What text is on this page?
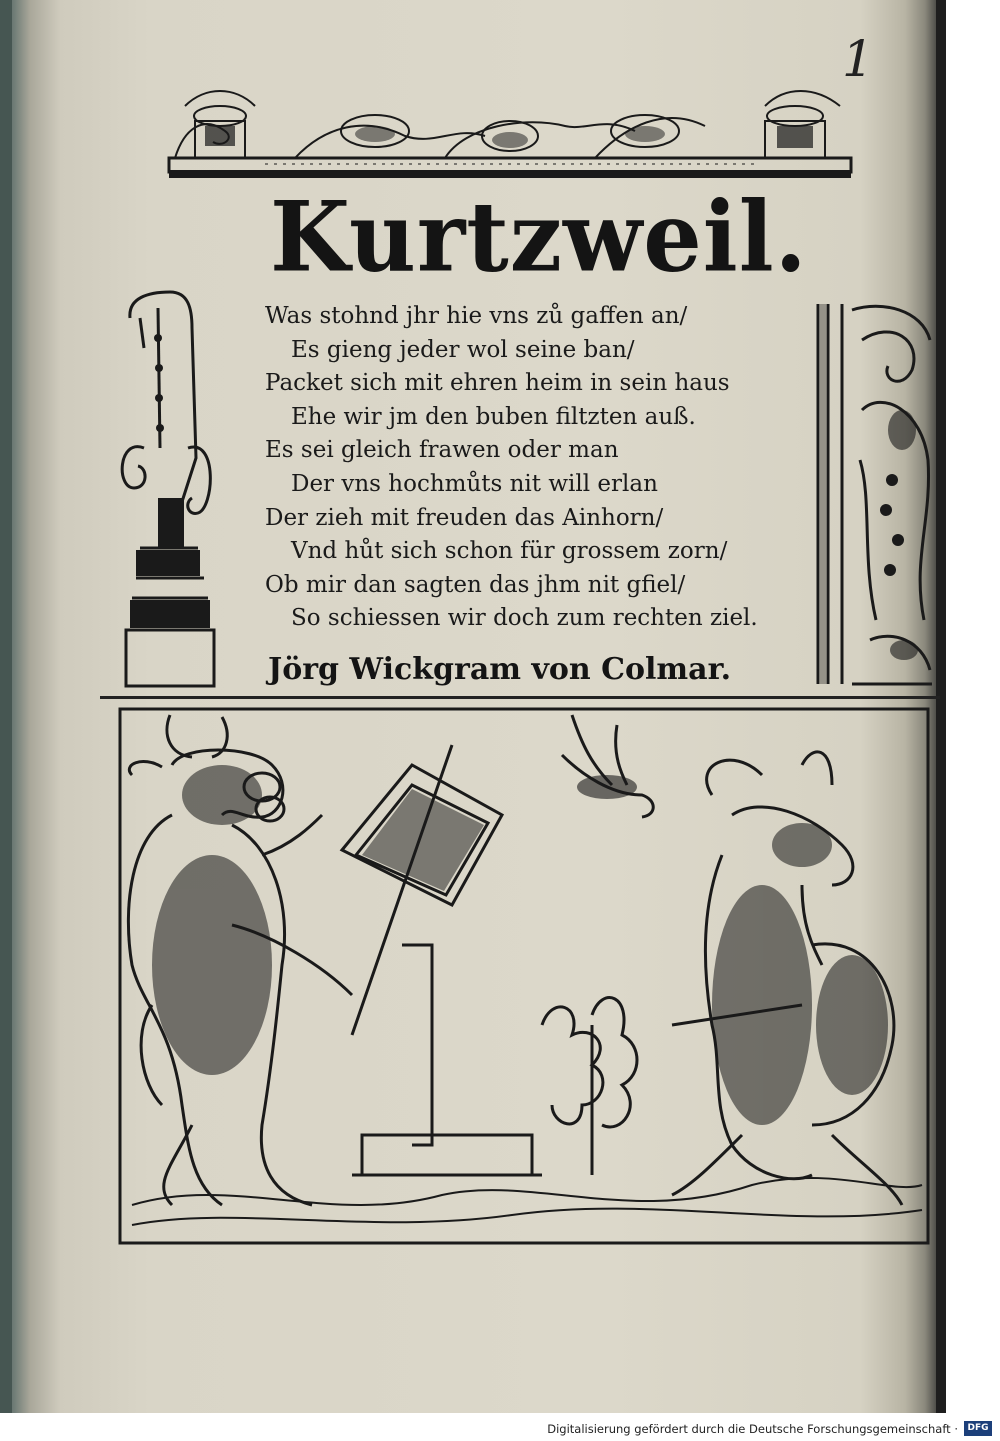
1
Kurtzweil.
Was stohnd jhr hie vns zů gaffen an/
Es gieng jeder wol seine ban/
Packet sich mit ehren heim in sein haus
Ehe wir jm den buben filtzten auß.
Es sei gleich frawen oder man
Der vns hochmůts nit will erlan
Der zieh mit freuden das Ainhorn/
Vnd hůt sich schon für grossem zorn/
Ob mir dan sagten das jhm nit gfiel/
So schiessen wir doch zum rechten ziel.
Jörg Wickgram von Colmar.
Digitalisierung gefördert durch die Deutsche Forschungsgemeinschaft ·	DFG
